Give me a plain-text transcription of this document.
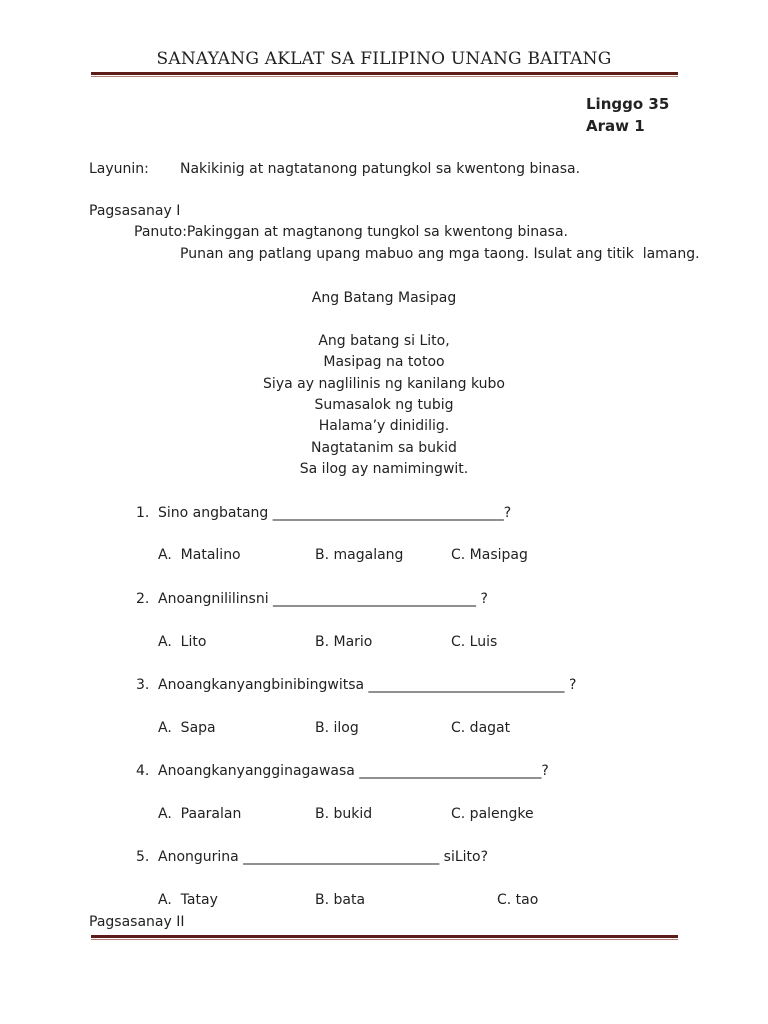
SANAYANG AKLAT SA FILIPINO UNANG BAITANG
Linggo 35
Araw 1
Layunin: Nakikinig at nagtatanong patungkol sa kwentong binasa.
Pagsasanay I
Panuto:Pakinggan at magtanong tungkol sa kwentong binasa.
Punan ang patlang upang mabuo ang mga taong. Isulat ang titik  lamang.
Ang Batang Masipag
Ang batang si Lito,
Masipag na totoo
Siya ay naglilinis ng kanilang kubo
Sumasalok ng tubig
Halama’y dinidilig.
Nagtatanim sa bukid
Sa ilog ay namimingwit.
1. Sino angbatang _________________________________?
A.  Matalino	B. magalang	C. Masipag
2. Anoangnililinsni _____________________________ ?
A.  Lito	B. Mario	C. Luis
3. Anoangkanyangbinibingwitsa ____________________________ ?
A.  Sapa	B. ilog	C. dagat
4. Anoangkanyangginagawasa __________________________?
A.  Paaralan	B. bukid	C. palengke
5. Anongurina ____________________________ siLito?
A.  Tatay	B. bata	C. tao
Pagsasanay II
